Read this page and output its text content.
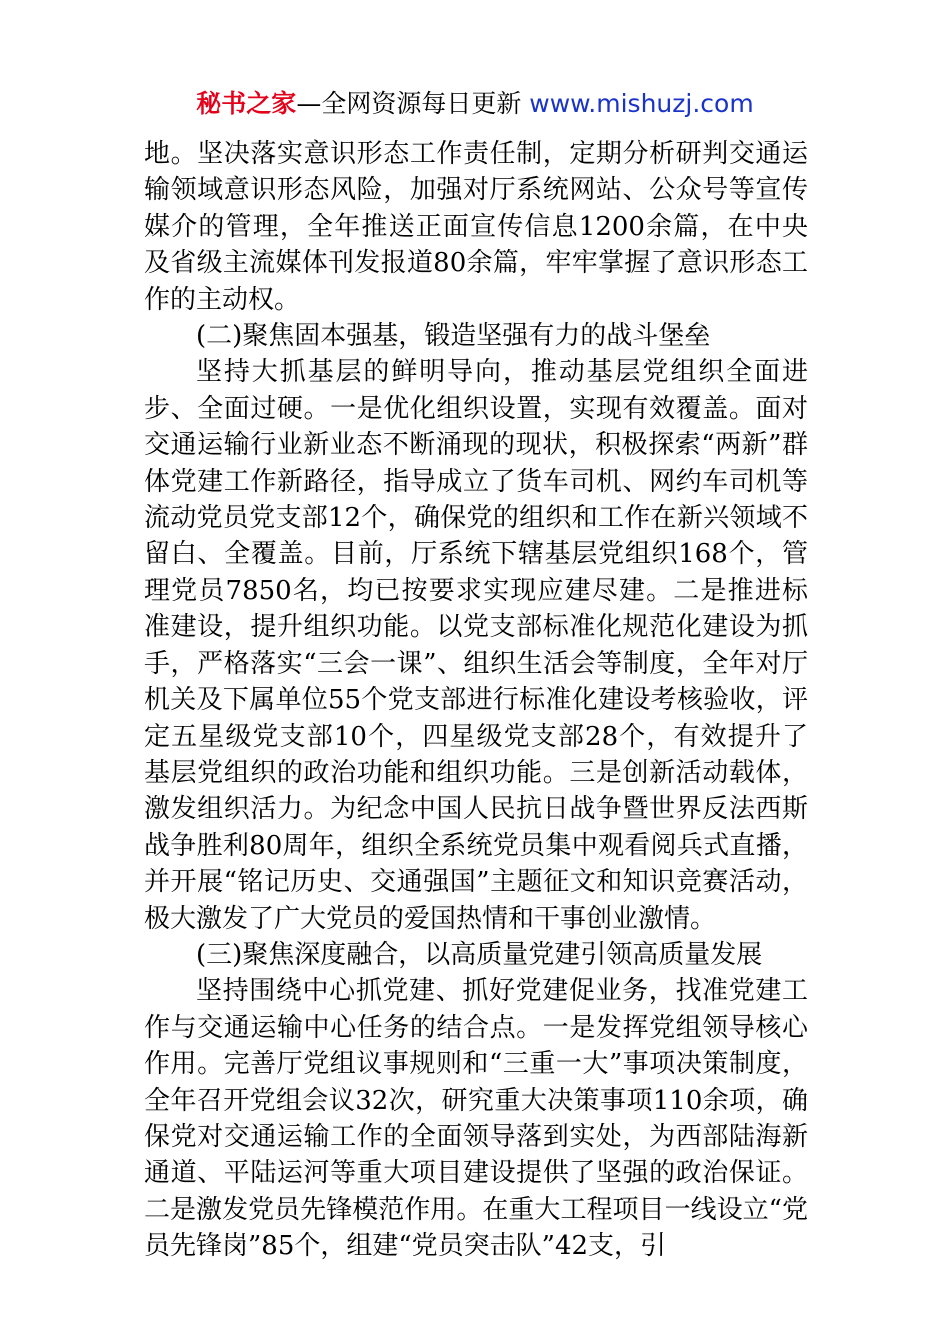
秘书之家—全网资源每日更新 www.mishuzj.com

地。坚决落实意识形态工作责任制，定期分析研判交通运输领域意识形态风险，加强对厅系统网站、公众号等宣传媒介的管理，全年推送正面宣传信息1200余篇，在中央及省级主流媒体刊发报道80余篇，牢牢掌握了意识形态工作的主动权。

(二)聚焦固本强基，锻造坚强有力的战斗堡垒

坚持大抓基层的鲜明导向，推动基层党组织全面进步、全面过硬。一是优化组织设置，实现有效覆盖。面对交通运输行业新业态不断涌现的现状，积极探索“两新”群体党建工作新路径，指导成立了货车司机、网约车司机等流动党员党支部12个，确保党的组织和工作在新兴领域不留白、全覆盖。目前，厅系统下辖基层党组织168个，管理党员7850名，均已按要求实现应建尽建。二是推进标准建设，提升组织功能。以党支部标准化规范化建设为抓手，严格落实“三会一课”、组织生活会等制度，全年对厅机关及下属单位55个党支部进行标准化建设考核验收，评定五星级党支部10个，四星级党支部28个，有效提升了基层党组织的政治功能和组织功能。三是创新活动载体，激发组织活力。为纪念中国人民抗日战争暨世界反法西斯战争胜利80周年，组织全系统党员集中观看阅兵式直播，并开展“铭记历史、交通强国”主题征文和知识竞赛活动，极大激发了广大党员的爱国热情和干事创业激情。

(三)聚焦深度融合，以高质量党建引领高质量发展

坚持围绕中心抓党建、抓好党建促业务，找准党建工作与交通运输中心任务的结合点。一是发挥党组领导核心作用。完善厅党组议事规则和“三重一大”事项决策制度，全年召开党组会议32次，研究重大决策事项110余项，确保党对交通运输工作的全面领导落到实处，为西部陆海新通道、平陆运河等重大项目建设提供了坚强的政治保证。二是激发党员先锋模范作用。在重大工程项目一线设立“党员先锋岗”85个，组建“党员突击队”42支，引
